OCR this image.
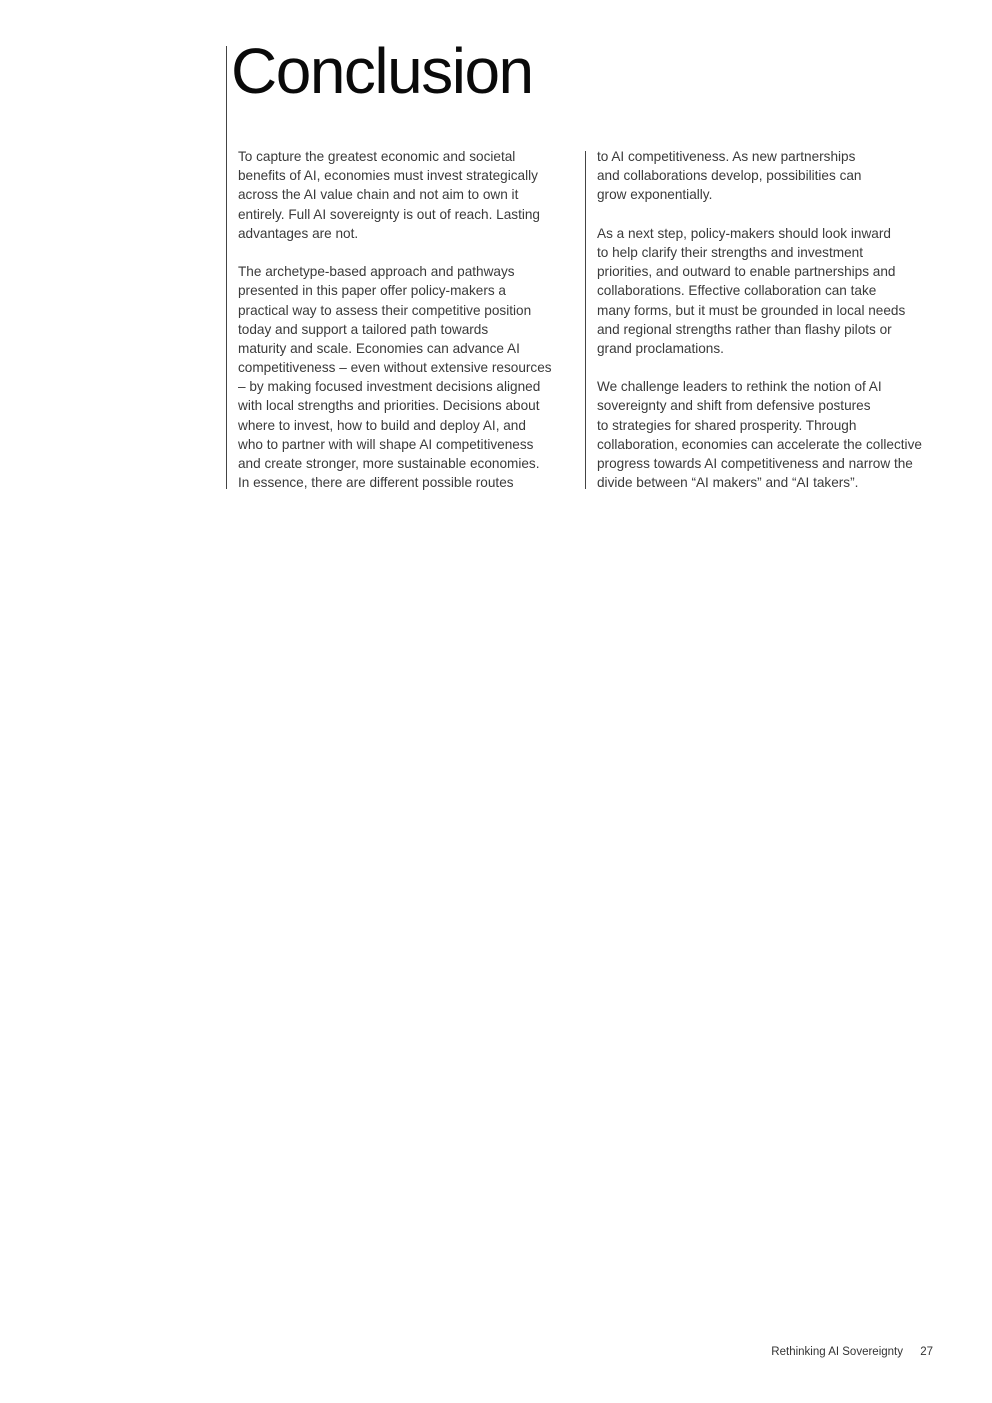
Conclusion

To capture the greatest economic and societal
benefits of AI, economies must invest strategically
across the AI value chain and not aim to own it
entirely. Full AI sovereignty is out of reach. Lasting
advantages are not.

The archetype-based approach and pathways
presented in this paper offer policy-makers a
practical way to assess their competitive position
today and support a tailored path towards
maturity and scale. Economies can advance AI
competitiveness – even without extensive resources
– by making focused investment decisions aligned
with local strengths and priorities. Decisions about
where to invest, how to build and deploy AI, and
who to partner with will shape AI competitiveness
and create stronger, more sustainable economies.
In essence, there are different possible routes

to AI competitiveness. As new partnerships
and collaborations develop, possibilities can
grow exponentially.

As a next step, policy-makers should look inward
to help clarify their strengths and investment
priorities, and outward to enable partnerships and
collaborations. Effective collaboration can take
many forms, but it must be grounded in local needs
and regional strengths rather than flashy pilots or
grand proclamations.

We challenge leaders to rethink the notion of AI
sovereignty and shift from defensive postures
to strategies for shared prosperity. Through
collaboration, economies can accelerate the collective
progress towards AI competitiveness and narrow the
divide between “AI makers” and “AI takers”.

Rethinking AI Sovereignty 27
